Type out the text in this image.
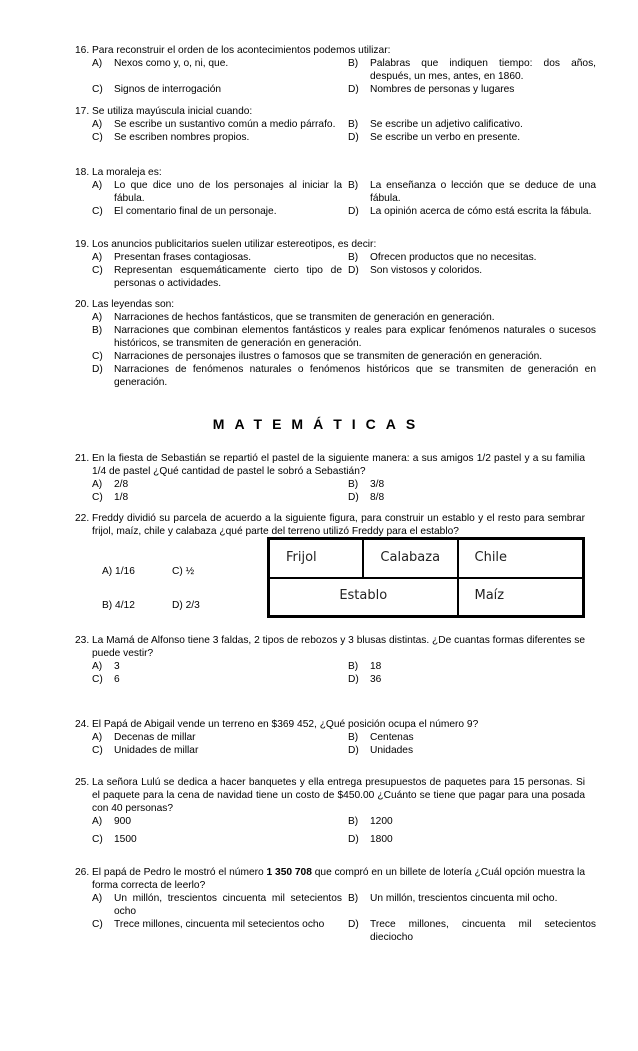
16. Para reconstruir el orden de los acontecimientos podemos utilizar:
A)	Nexos como y, o, ni, que.	B)	Palabras que indiquen tiempo: dos años, después, un mes, antes, en 1860.
C)	Signos de interrogación	D)	Nombres de personas y lugares
17. Se utiliza mayúscula inicial cuando:
A)	Se escribe un sustantivo común a medio párrafo.	B)	Se escribe un adjetivo calificativo.
C)	Se escriben nombres propios.	D)	Se escribe un verbo en presente.
18. La moraleja es:
A)	Lo que dice uno de los personajes al iniciar la fábula.
B)	La enseñanza o lección que se deduce de una fábula.
C)	El comentario final de un personaje.	D)	La opinión acerca de cómo está escrita la fábula.
19. Los anuncios publicitarios suelen utilizar estereotipos, es decir:
A)	Presentan frases contagiosas.	B)	Ofrecen productos que no necesitas.
C)	Representan esquemáticamente cierto tipo de personas o actividades.
D)	Son vistosos y coloridos.
20. Las leyendas son:
A)	Narraciones de hechos fantásticos, que se transmiten de generación en generación.
B)	Narraciones que combinan elementos fantásticos y reales para explicar fenómenos naturales o sucesos históricos, se transmiten de generación en generación.
C)	Narraciones de personajes ilustres o famosos que se transmiten de generación en generación.
D)	Narraciones de fenómenos naturales o fenómenos históricos que se transmiten de generación en generación.
MATEMÁTICAS
21. En la fiesta de Sebastián se repartió el pastel de la siguiente manera: a sus amigos 1/2 pastel y a su familia 1/4 de pastel ¿Qué cantidad de pastel le sobró a Sebastián?
A)	2/8	B)	3/8
C)	1/8	D)	8/8
22. Freddy dividió su parcela de acuerdo a la siguiente figura, para construir un establo y el resto para sembrar frijol, maíz, chile y calabaza ¿qué parte del terreno utilizó Freddy para el establo?
A) 1/16	C) ½
B) 4/12	D) 2/3
Frijol	Calabaza	Chile
Establo		Maíz
23. La Mamá de Alfonso tiene 3 faldas, 2 tipos de rebozos y 3 blusas distintas. ¿De cuantas formas diferentes se puede vestir?
A)	3	B)	18
C)	6	D)	36
24. El Papá de Abigail vende un terreno en $369 452, ¿Qué posición ocupa el número 9?
A)	Decenas de millar	B)	Centenas
C)	Unidades de millar	D)	Unidades
25. La señora Lulú se dedica a hacer banquetes y ella entrega presupuestos de paquetes para 15 personas. Si el paquete para la cena de navidad tiene un costo de $450.00 ¿Cuánto se tiene que pagar para una posada con 40 personas?
A)	900	B)	1200
C)	1500	D)	1800
26. El papá de Pedro le mostró el número 1 350 708 que compró en un billete de lotería ¿Cuál opción muestra la forma correcta de leerlo?
A)	Un millón, trescientos cincuenta mil setecientos ocho
B)	Un millón, trescientos cincuenta mil ocho.
C)	Trece millones, cincuenta mil setecientos ocho	D)	Trece millones, cincuenta mil setecientos dieciocho
